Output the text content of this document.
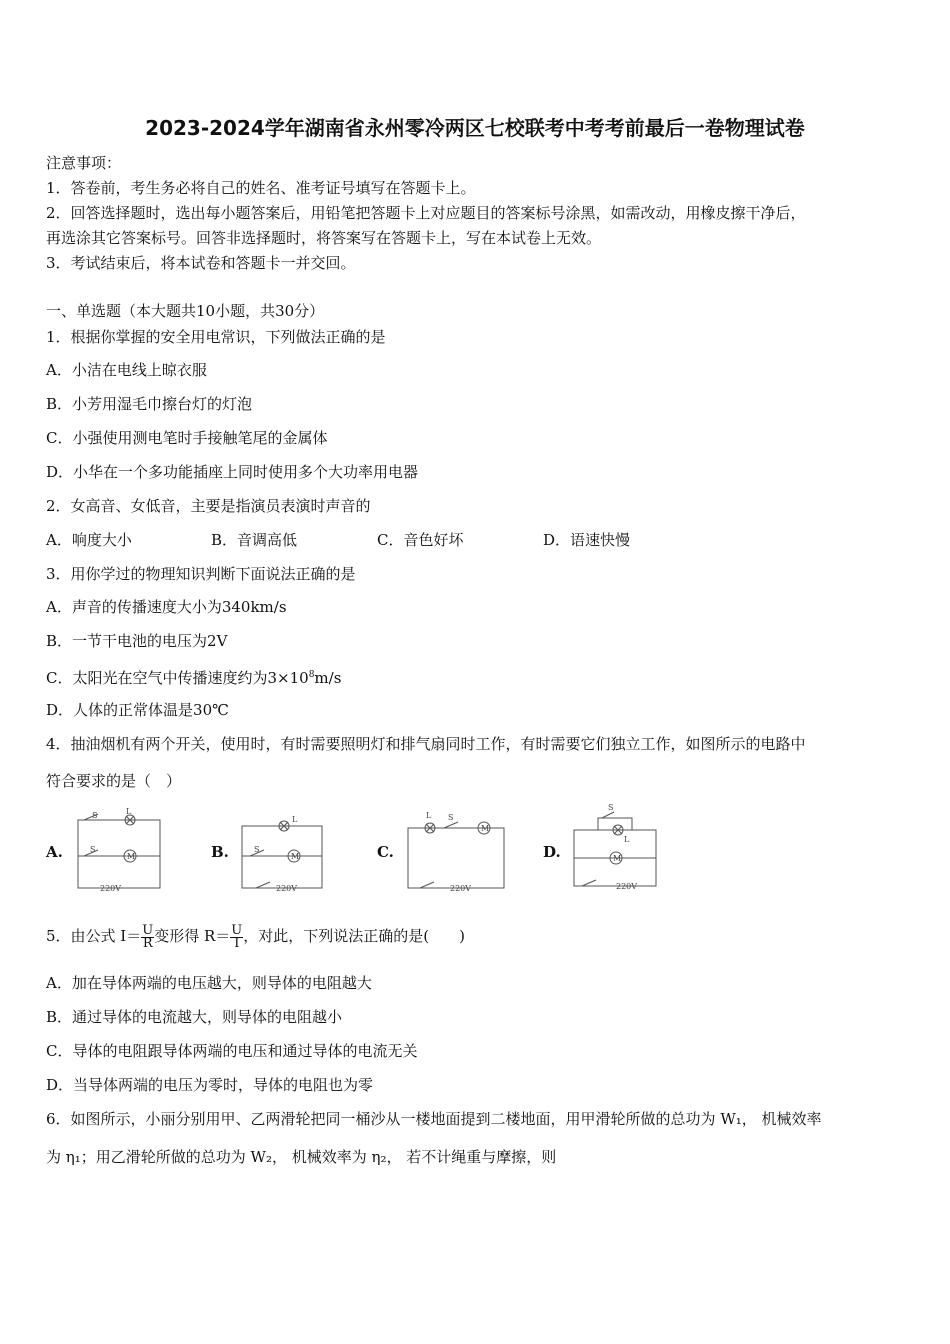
2023-2024学年湖南省永州零冷两区七校联考中考考前最后一卷物理试卷
注意事项：
1．答卷前，考生务必将自己的姓名、准考证号填写在答题卡上。
2．回答选择题时，选出每小题答案后，用铅笔把答题卡上对应题目的答案标号涂黑，如需改动，用橡皮擦干净后，
再选涂其它答案标号。回答非选择题时，将答案写在答题卡上，写在本试卷上无效。
3．考试结束后，将本试卷和答题卡一并交回。
一、单选题（本大题共10小题，共30分）
1．根据你掌握的安全用电常识，下列做法正确的是
A．小洁在电线上晾衣服
B．小芳用湿毛巾擦台灯的灯泡
C．小强使用测电笔时手接触笔尾的金属体
D．小华在一个多功能插座上同时使用多个大功率用电器
2．女高音、女低音，主要是指演员表演时声音的
A．响度大小	B．音调高低	C．音色好坏	D．语速快慢
3．用你学过的物理知识判断下面说法正确的是
A．声音的传播速度大小为340km/s
B．一节干电池的电压为2V
C．太阳光在空气中传播速度约为$3\times 10^8m/s$
D．人体的正常体温是30℃
4．抽油烟机有两个开关，使用时，有时需要照明灯和排气扇同时工作，有时需要它们独立工作，如图所示的电路中
符合要求的是（　）
A.
S	L
S
M
220V
B.
L
S
M
220V
C.
L S
M
220V
D.
S
L
M
220V
5．由公式 $I= \frac{U}{R}$ 变形得 $R= \frac{U}{I}$ ，对此，下列说法正确的是(　　)
A．加在导体两端的电压越大，则导体的电阻越大
B．通过导体的电流越大，则导体的电阻越小
C．导体的电阻跟导体两端的电压和通过导体的电流无关
D．当导体两端的电压为零时，导体的电阻也为零
6．如图所示，小丽分别用甲、乙两滑轮把同一桶沙从一楼地面提到二楼地面，用甲滑轮所做的总功为 W₁， 机械效率
为 η₁；用乙滑轮所做的总功为 W₂， 机械效率为 η₂， 若不计绳重与摩擦，则
